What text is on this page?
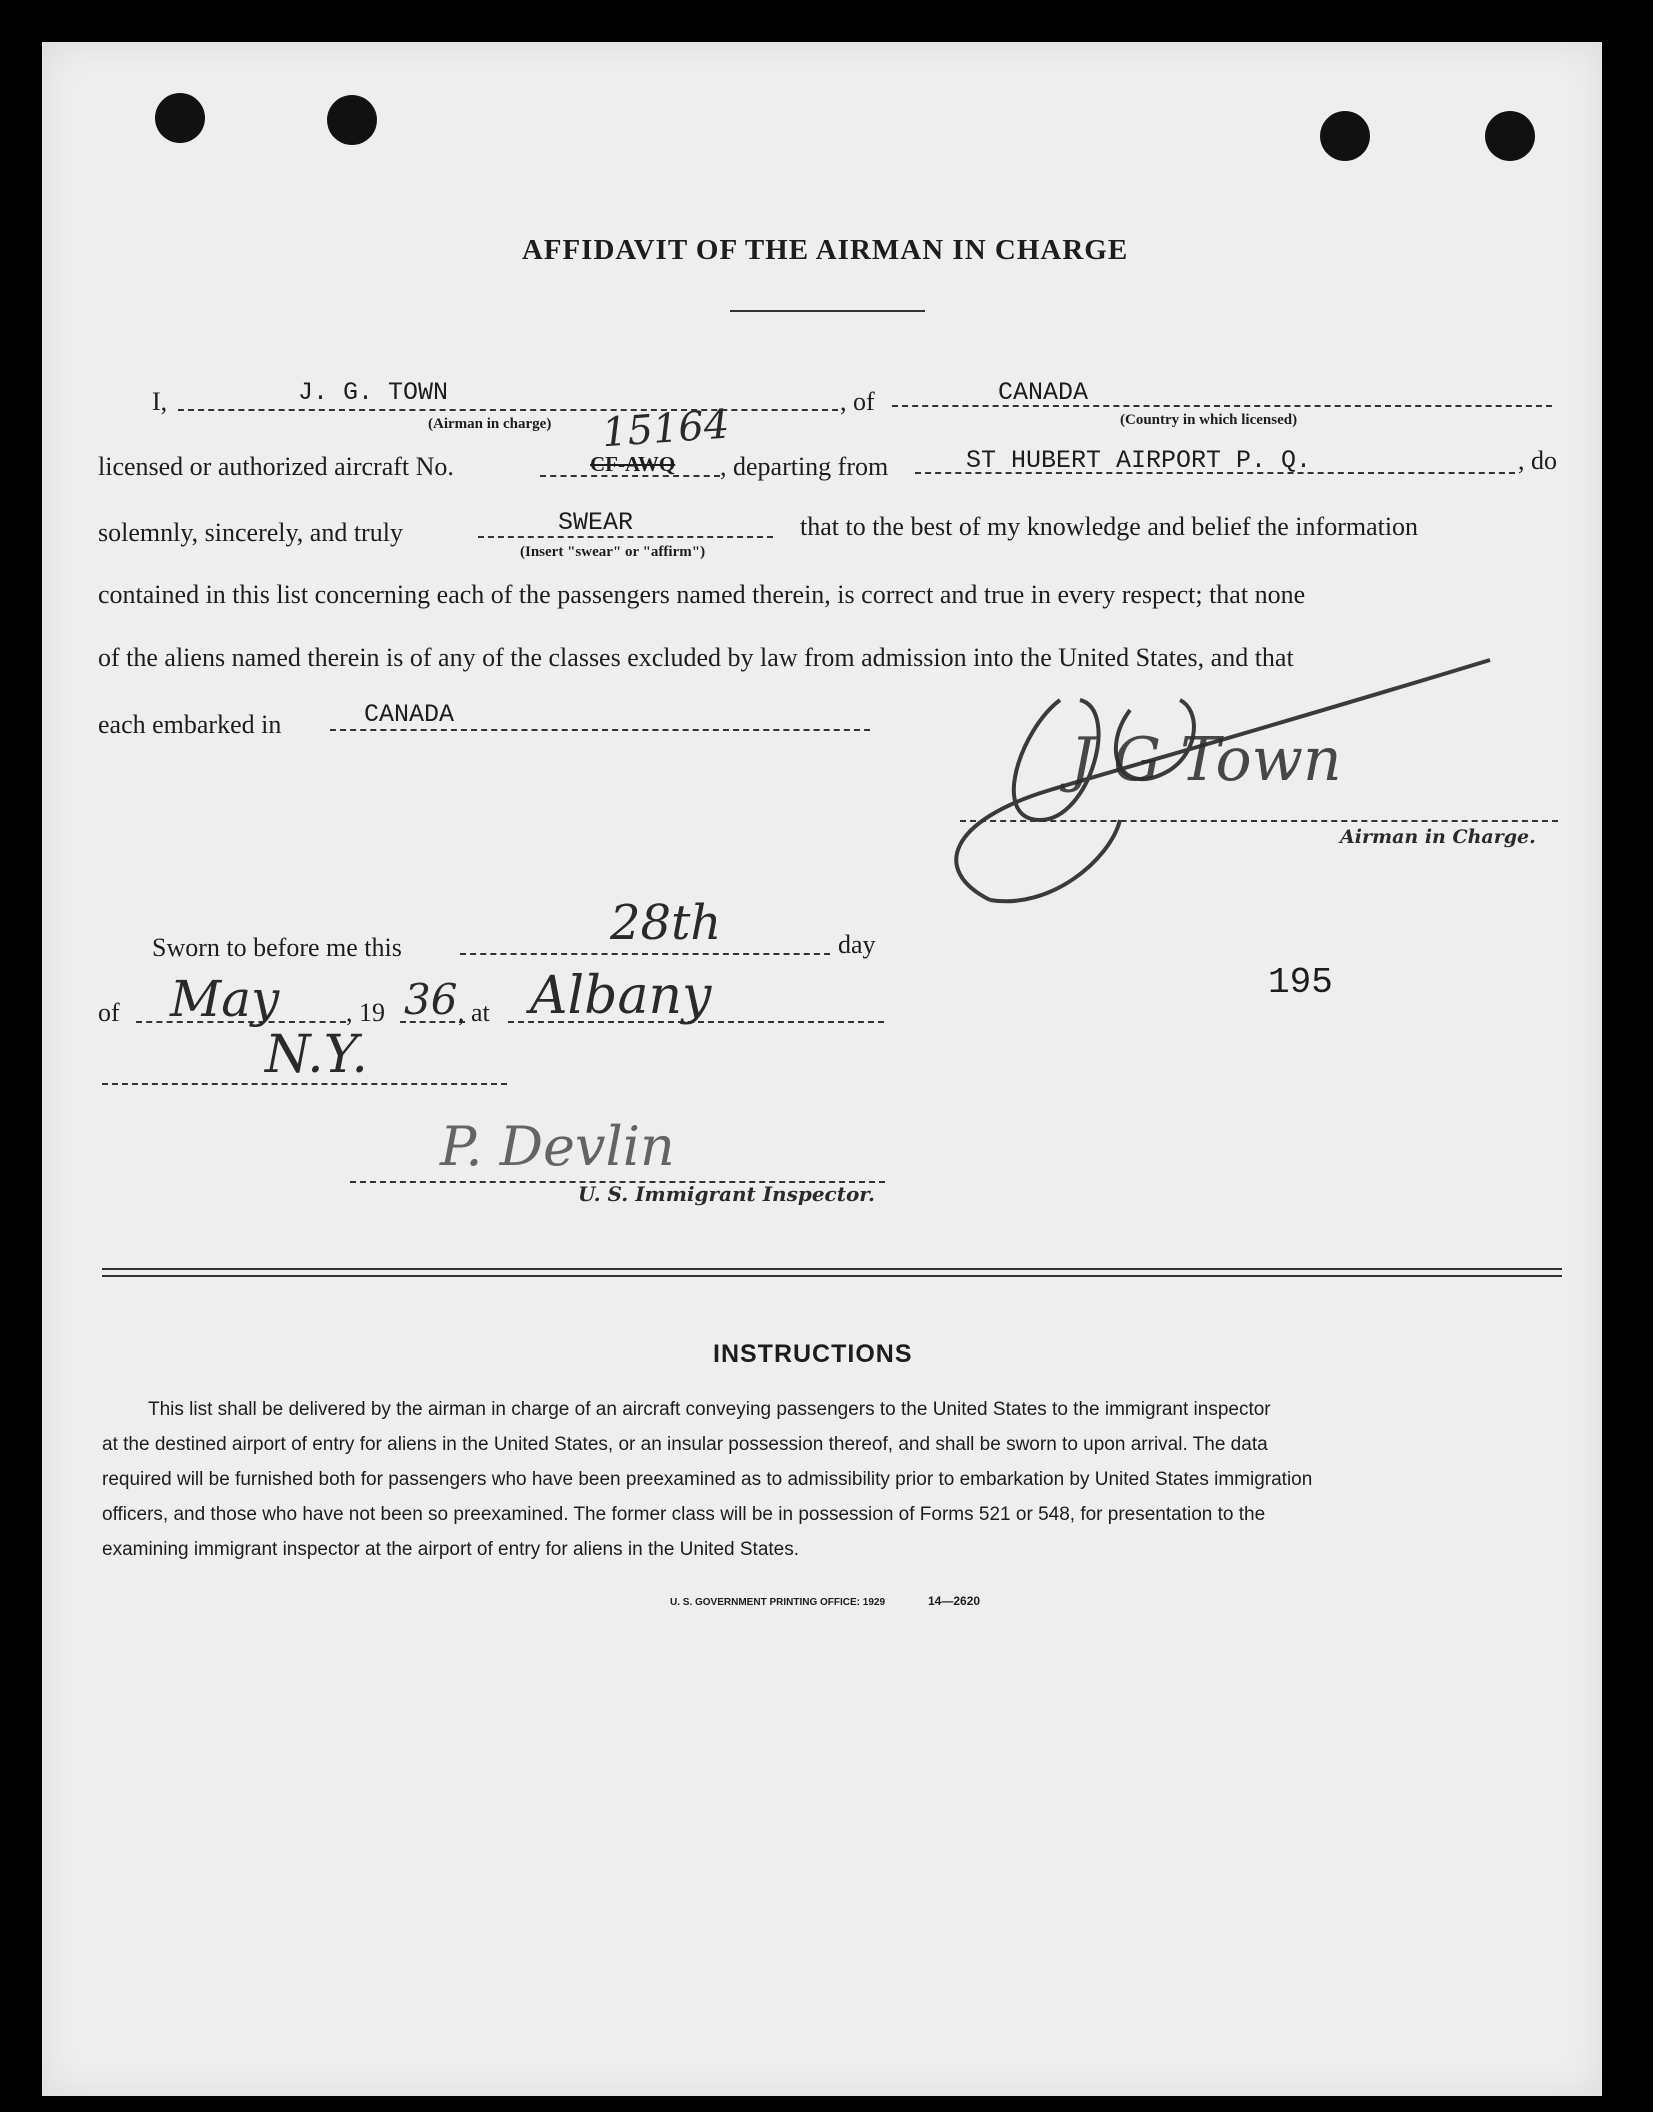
AFFIDAVIT OF THE AIRMAN IN CHARGE
I,	J. G. TOWN
(Airman in charge)
, of	CANADA
(Country in which licensed)
licensed or authorized aircraft No.	CF-AWQ
15164
, departing from	ST HUBERT AIRPORT P. Q.	, do
solemnly, sincerely, and truly	SWEAR
(Insert "swear" or "affirm")
that to the best of my knowledge and belief the information
contained in this list concerning each of the passengers named therein, is correct and true in every respect; that none
of the aliens named therein is of any of the classes excluded by law from admission into the United States, and that
each embarked in	CANADA
J G Town
Airman in Charge.
Sworn to before me this	28th	day
of May	, 19 36 , at Albany
N.Y.
P. Devlin
U. S. Immigrant Inspector.
195
INSTRUCTIONS
This list shall be delivered by the airman in charge of an aircraft conveying passengers to the United States to the immigrant inspector
at the destined airport of entry for aliens in the United States, or an insular possession thereof, and shall be sworn to upon arrival. The data
required will be furnished both for passengers who have been preexamined as to admissibility prior to embarkation by United States immigration
officers, and those who have not been so preexamined. The former class will be in possession of Forms 521 or 548, for presentation to the
examining immigrant inspector at the airport of entry for aliens in the United States.
U. S. GOVERNMENT PRINTING OFFICE: 1929	14—2620
